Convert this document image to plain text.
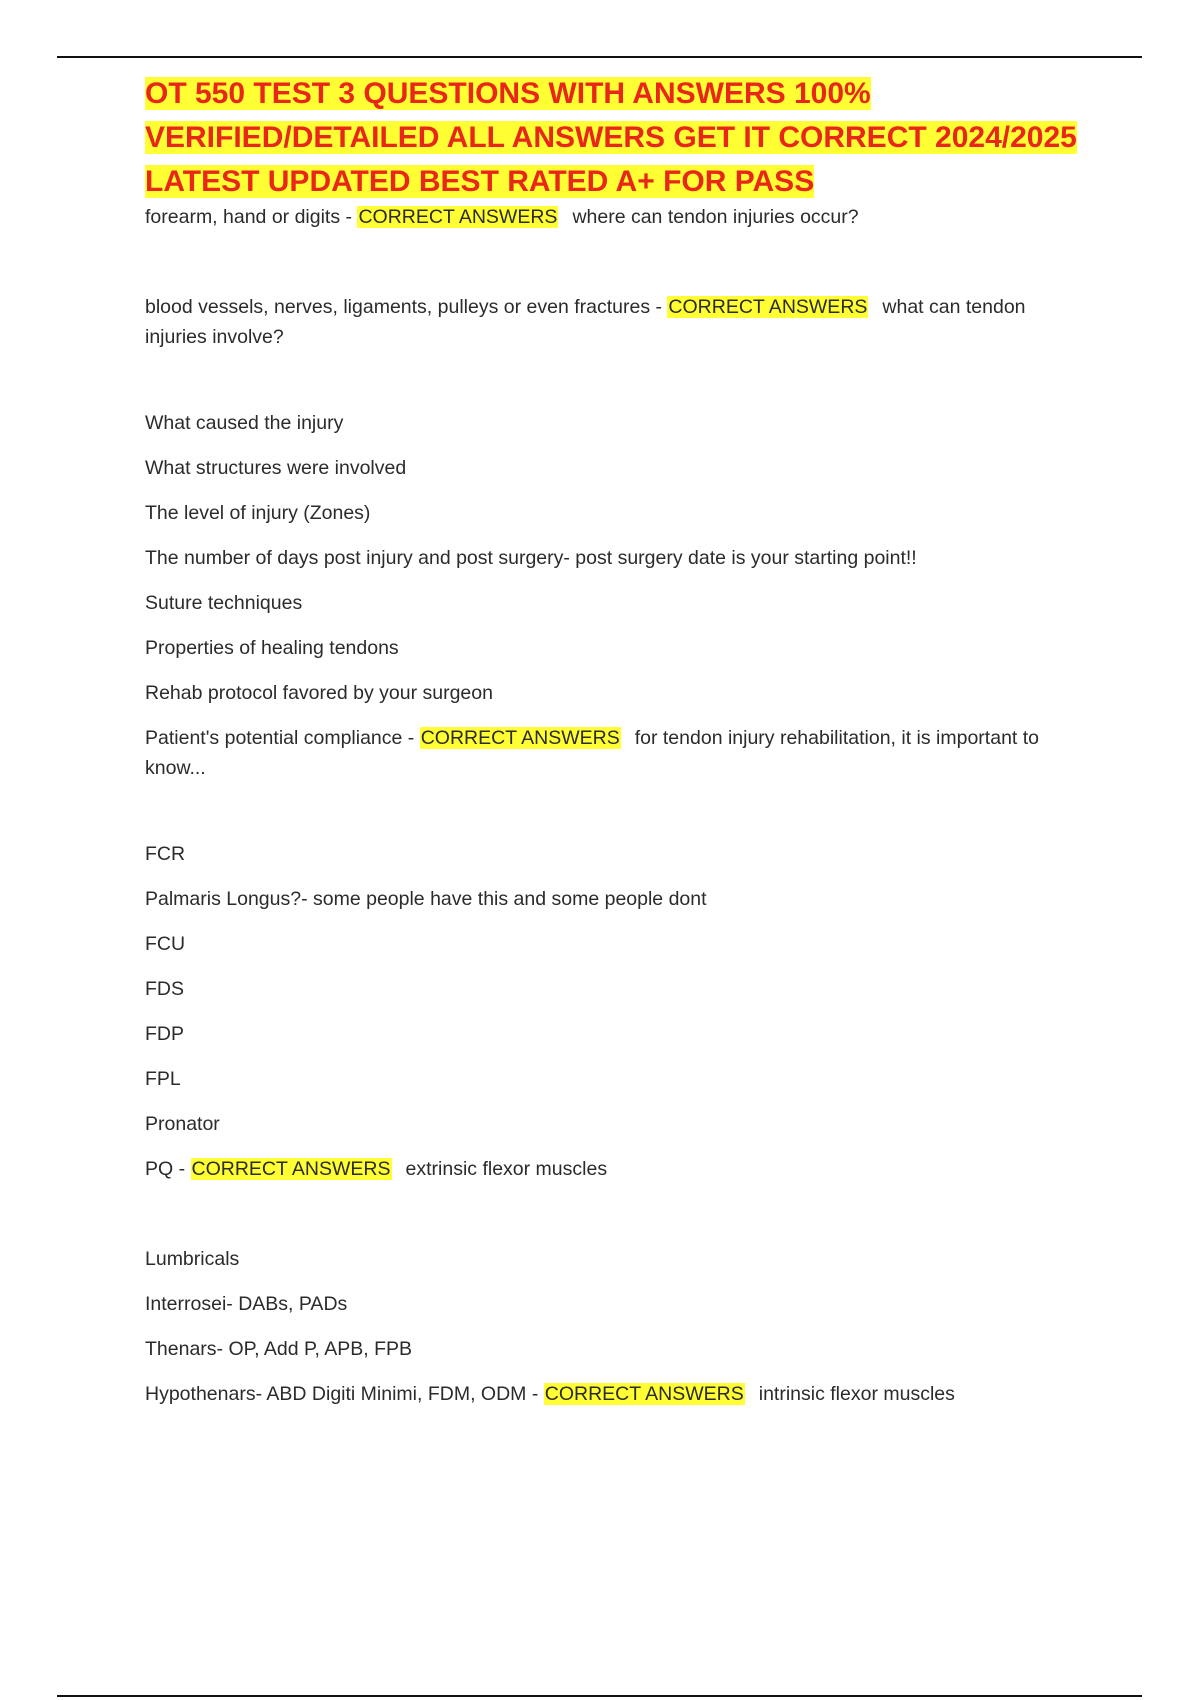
OT 550 TEST 3 QUESTIONS WITH ANSWERS 100%
VERIFIED/DETAILED ALL ANSWERS GET IT CORRECT 2024/2025
LATEST UPDATED BEST RATED A+ FOR PASS

forearm, hand or digits - CORRECT ANSWERS where can tendon injuries occur?

blood vessels, nerves, ligaments, pulleys or even fractures - CORRECT ANSWERS what can tendon injuries involve?

What caused the injury

What structures were involved

The level of injury (Zones)

The number of days post injury and post surgery- post surgery date is your starting point!!

Suture techniques

Properties of healing tendons

Rehab protocol favored by your surgeon

Patient's potential compliance - CORRECT ANSWERS for tendon injury rehabilitation, it is important to know...

FCR

Palmaris Longus?- some people have this and some people dont

FCU

FDS

FDP

FPL

Pronator

PQ - CORRECT ANSWERS extrinsic flexor muscles

Lumbricals

Interrosei- DABs, PADs

Thenars- OP, Add P, APB, FPB

Hypothenars- ABD Digiti Minimi, FDM, ODM - CORRECT ANSWERS intrinsic flexor muscles
